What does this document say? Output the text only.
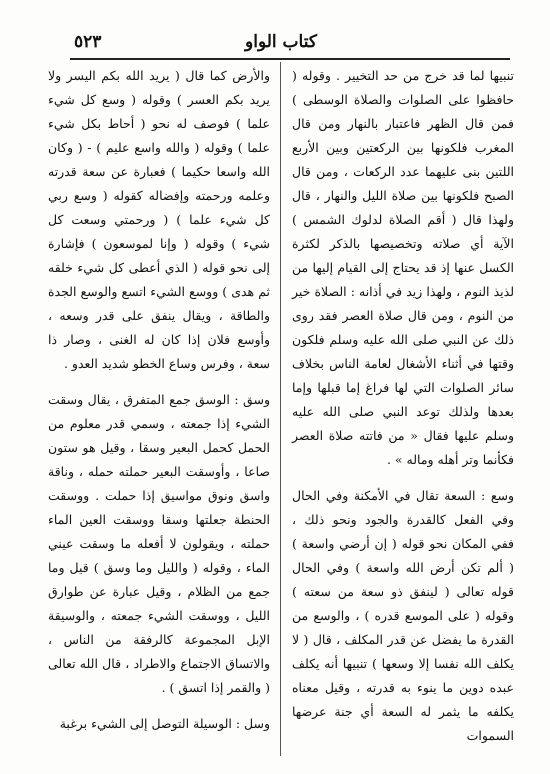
كتاب الواو
٥٢٣

تنبيها لما قد خرج من حد التخيير . وقوله ( حافظوا على الصلوات والصلاة الوسطى ) فمن قال الظهر فاعتبار بالنهار ومن قال المغرب فلكونها بين الركعتين وبين الأربع اللتين بنى عليهما عدد الركعات ، ومن قال الصبح فلكونها بين صلاة الليل والنهار ، قال ولهذا قال ( أقم الصلاة لدلوك الشمس ) الآية أي صلاته وتخصيصها بالذكر لكثرة الكسل عنها إذ قد يحتاج إلى القيام إليها من لذيذ النوم ، ولهذا زيد في أذانه : الصلاة خير من النوم ، ومن قال صلاة العصر فقد روى ذلك عن النبي صلى الله عليه وسلم فلكون وقتها في أثناء الأشغال لعامة الناس بخلاف سائر الصلوات التي لها فراغ إما قبلها وإما بعدها ولذلك توعد النبي صلى الله عليه وسلم عليها فقال « من فاتته صلاة العصر فكأنما وتر أهله وماله » .

وسع : السعة تقال في الأمكنة وفي الحال وفي الفعل كالقدرة والجود ونحو ذلك ، ففي المكان نحو قوله ( إن أرضي واسعة ) ( ألم تكن أرض الله واسعة ) وفي الحال قوله تعالى ( لينفق ذو سعة من سعته ) وقوله ( على الموسع قدره ) ، والوسع من القدرة ما يفضل عن قدر المكلف ، قال ( لا يكلف الله نفسا إلا وسعها ) تنبيها أنه يكلف عبده دوين ما ينوء به قدرته ، وقيل معناه يكلفه ما يثمر له السعة أي جنة عرضها السموات

والأرض كما قال ( يريد الله بكم اليسر ولا يريد بكم العسر ) وقوله ( وسع كل شيء علما ) فوصف له نحو ( أحاط بكل شيء علما ) وقوله ( والله واسع عليم ) - ( وكان الله واسعا حكيما ) فعبارة عن سعة قدرته وعلمه ورحمته وإفضاله كقوله ( وسع ربي كل شيء علما ) ( ورحمتي وسعت كل شيء ) وقوله ( وإنا لموسعون ) فإشارة إلى نحو قوله ( الذي أعطى كل شيء خلقه ثم هدى ) ووسع الشيء اتسع والوسع الجدة والطاقة ، ويقال ينفق على قدر وسعه ، وأوسع فلان إذا كان له الغنى ، وصار ذا سعة ، وفرس وساع الخطو شديد العدو .

وسق : الوسق جمع المتفرق ، يقال وسقت الشيء إذا جمعته ، وسمي قدر معلوم من الحمل كحمل البعير وسقا ، وقيل هو ستون صاعا ، وأوسقت البعير حملته حمله ، وناقة واسق ونوق مواسيق إذا حملت . ووسقت الحنطة جعلتها وسقا ووسقت العين الماء حملته ، ويقولون لا أفعله ما وسقت عيني الماء ، وقوله ( والليل وما وسق ) قيل وما جمع من الظلام ، وقيل عبارة عن طوارق الليل ، ووسقت الشيء جمعته ، والوسيقة الإبل المجموعة كالرفقة من الناس ، والاتساق الاجتماع والاطراد ، قال الله تعالى ( والقمر إذا اتسق ) .

وسل : الوسيلة التوصل إلى الشيء برغبة
